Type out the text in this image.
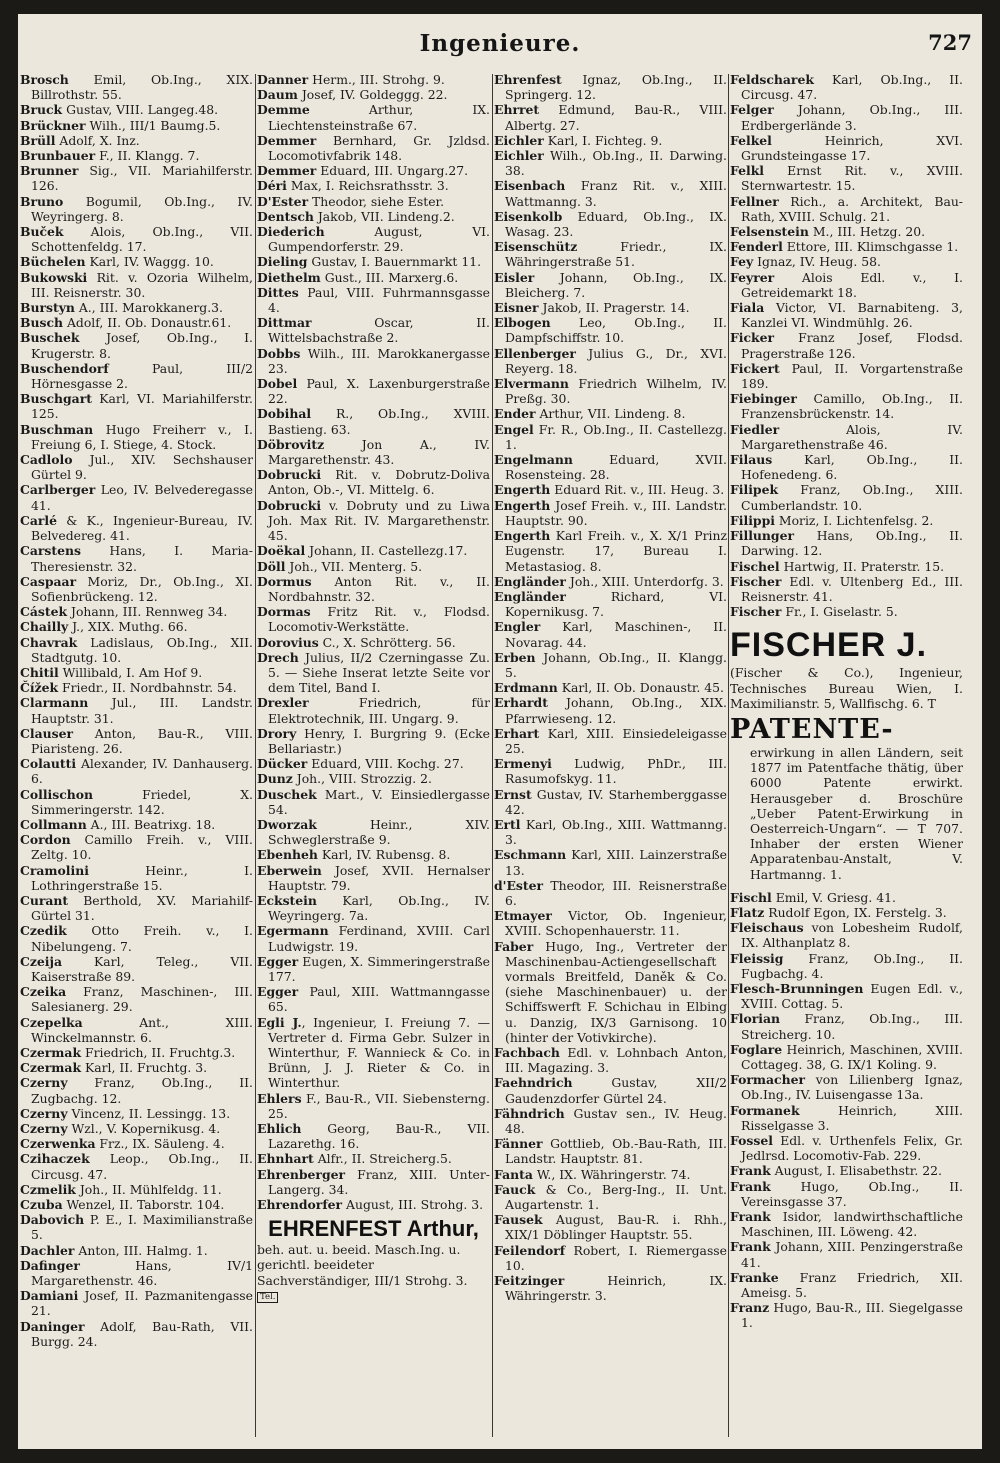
Ingenieure.	727

Brosch Emil, Ob.Ing., XIX. Billrothstr. 55.

Bruck Gustav, VIII. Langeg.48.

Brückner Wilh., III/1 Baumg.5.

Brüll Adolf, X. Inz.

Brunbauer F., II. Klangg. 7.

Brunner Sig., VII. Mariahilferstr. 126.

Bruno Bogumil, Ob.Ing., IV. Weyringerg. 8.

Buček Alois, Ob.Ing., VII. Schottenfeldg. 17.

Büchelen Karl, IV. Waggg. 10.

Bukowski Rit. v. Ozoria Wilhelm, III. Reisnerstr. 30.

Burstyn A., III. Marokkanerg.3.

Busch Adolf, II. Ob. Donaustr.61.

Buschek Josef, Ob.Ing., I. Krugerstr. 8.

Buschendorf Paul, III/2 Hörnesgasse 2.

Buschgart Karl, VI. Mariahilferstr. 125.

Buschman Hugo Freiherr v., I. Freiung 6, I. Stiege, 4. Stock.

Cadlolo Jul., XIV. Sechshauser Gürtel 9.

Carlberger Leo, IV. Belvederegasse 41.

Carlé & K., Ingenieur-Bureau, IV. Belvedereg. 41.

Carstens Hans, I. Maria-Theresienstr. 32.

Caspaar Moriz, Dr., Ob.Ing., XI. Sofienbrückeng. 12.

Cástek Johann, III. Rennweg 34.

Chailly J., XIX. Muthg. 66.

Chavrak Ladislaus, Ob.Ing., XII. Stadtgutg. 10.

Chitil Willibald, I. Am Hof 9.

Čížek Friedr., II. Nordbahnstr. 54.

Clarmann Jul., III. Landstr. Hauptstr. 31.

Clauser Anton, Bau-R., VIII. Piaristeng. 26.

Colautti Alexander, IV. Danhauserg. 6.

Collischon Friedel, X. Simmeringerstr. 142.

Collmann A., III. Beatrixg. 18.

Cordon Camillo Freih. v., VIII. Zeltg. 10.

Cramolini Heinr., I. Lothringerstraße 15.

Curant Berthold, XV. Mariahilf-Gürtel 31.

Czedik Otto Freih. v., I. Nibelungeng. 7.

Czeija Karl, Teleg., VII. Kaiserstraße 89.

Czeika Franz, Maschinen-, III. Salesianerg. 29.

Czepelka Ant., XIII. Winckelmannstr. 6.

Czermak Friedrich, II. Fruchtg.3.

Czermak Karl, II. Fruchtg. 3.

Czerny Franz, Ob.Ing., II. Zugbachg. 12.

Czerny Vincenz, II. Lessingg. 13.

Czerny Wzl., V. Kopernikusg. 4.

Czerwenka Frz., IX. Säuleng. 4.

Czihaczek Leop., Ob.Ing., II. Circusg. 47.

Czmelik Joh., II. Mühlfeldg. 11.

Czuba Wenzel, II. Taborstr. 104.

Dabovich P. E., I. Maximilianstraße 5.

Dachler Anton, III. Halmg. 1.

Dafinger Hans, IV/1 Margarethenstr. 46.

Damiani Josef, II. Pazmanitengasse 21.

Daninger Adolf, Bau-Rath, VII. Burgg. 24.

Danner Herm., III. Strohg. 9.

Daum Josef, IV. Goldeggg. 22.

Demme Arthur, IX. Liechtensteinstraße 67.

Demmer Bernhard, Gr. Jzldsd. Locomotivfabrik 148.

Demmer Eduard, III. Ungarg.27.

Déri Max, I. Reichsrathsstr. 3.

D'Ester Theodor, siehe Ester.

Dentsch Jakob, VII. Lindeng.2.

Diederich August, VI. Gumpendorferstr. 29.

Dieling Gustav, I. Bauernmarkt 11.

Diethelm Gust., III. Marxerg.6.

Dittes Paul, VIII. Fuhrmannsgasse 4.

Dittmar Oscar, II. Wittelsbachstraße 2.

Dobbs Wilh., III. Marokkanergasse 23.

Dobel Paul, X. Laxenburgerstraße 22.

Dobihal R., Ob.Ing., XVIII. Bastieng. 63.

Döbrovitz Jon A., IV. Margarethenstr. 43.

Dobrucki Rit. v. Dobrutz-Doliva Anton, Ob.-, VI. Mittelg. 6.

Dobrucki v. Dobruty und zu Liwa Joh. Max Rit. IV. Margarethenstr. 45.

Doëkal Johann, II. Castellezg.17.

Döll Joh., VII. Menterg. 5.

Dormus Anton Rit. v., II. Nordbahnstr. 32.

Dormas Fritz Rit. v., Flodsd. Locomotiv-Werkstätte.

Dorovius C., X. Schrötterg. 56.

Drech Julius, II/2 Czerningasse Zu. 5. — Siehe Inserat letzte Seite vor dem Titel, Band I.

Drexler Friedrich, für Elektrotechnik, III. Ungarg. 9.

Drory Henry, I. Burgring 9. (Ecke Bellariastr.)

Dücker Eduard, VIII. Kochg. 27.

Dunz Joh., VIII. Strozzig. 2.

Duschek Mart., V. Einsiedlergasse 54.

Dworzak Heinr., XIV. Schweglerstraße 9.

Ebenheh Karl, IV. Rubensg. 8.

Eberwein Josef, XVII. Hernalser Hauptstr. 79.

Eckstein Karl, Ob.Ing., IV. Weyringerg. 7a.

Egermann Ferdinand, XVIII. Carl Ludwigstr. 19.

Egger Eugen, X. Simmeringerstraße 177.

Egger Paul, XIII. Wattmanngasse 65.

Egli J., Ingenieur, I. Freiung 7. — Vertreter d. Firma Gebr. Sulzer in Winterthur, F. Wannieck & Co. in Brünn, J. J. Rieter & Co. in Winterthur.

Ehlers F., Bau-R., VII. Siebensterng. 25.

Ehlich Georg, Bau-R., VII. Lazarethg. 16.

Ehnhart Alfr., II. Streicherg.5.

Ehrenberger Franz, XIII. Unter-Langerg. 34.

Ehrendorfer August, III. Strohg. 3.

EHRENFEST Arthur,
beh. aut. u. beeid. Masch.Ing. u. gerichtl. beeideter Sachverständiger, III/1 Strohg. 3. Tel.

Ehrenfest Ignaz, Ob.Ing., II. Springerg. 12.

Ehrret Edmund, Bau-R., VIII. Albertg. 27.

Eichler Karl, I. Fichteg. 9.

Eichler Wilh., Ob.Ing., II. Darwing. 38.

Eisenbach Franz Rit. v., XIII. Wattmanng. 3.

Eisenkolb Eduard, Ob.Ing., IX. Wasag. 23.

Eisenschütz Friedr., IX. Währingerstraße 51.

Eisler Johann, Ob.Ing., IX. Bleicherg. 7.

Eisner Jakob, II. Pragerstr. 14.

Elbogen Leo, Ob.Ing., II. Dampfschiffstr. 10.

Ellenberger Julius G., Dr., XVI. Reyerg. 18.

Elvermann Friedrich Wilhelm, IV. Preßg. 30.

Ender Arthur, VII. Lindeng. 8.

Engel Fr. R., Ob.Ing., II. Castellezg. 1.

Engelmann Eduard, XVII. Rosensteing. 28.

Engerth Eduard Rit. v., III. Heug. 3.

Engerth Josef Freih. v., III. Landstr. Hauptstr. 90.

Engerth Karl Freih. v., X. X/1 Prinz Eugenstr. 17, Bureau I. Metastasiog. 8.

Engländer Joh., XIII. Unterdorfg. 3.

Engländer Richard, VI. Kopernikusg. 7.

Engler Karl, Maschinen-, II. Novarag. 44.

Erben Johann, Ob.Ing., II. Klangg. 5.

Erdmann Karl, II. Ob. Donaustr. 45.

Erhardt Johann, Ob.Ing., XIX. Pfarrwieseng. 12.

Erhart Karl, XIII. Einsiedeleigasse 25.

Ermenyi Ludwig, PhDr., III. Rasumofskyg. 11.

Ernst Gustav, IV. Starhemberggasse 42.

Ertl Karl, Ob.Ing., XIII. Wattmanng. 3.

Eschmann Karl, XIII. Lainzerstraße 13.

d'Ester Theodor, III. Reisnerstraße 6.

Etmayer Victor, Ob. Ingenieur, XVIII. Schopenhauerstr. 11.

Faber Hugo, Ing., Vertreter der Maschinenbau-Actiengesellschaft vormals Breitfeld, Daněk & Co. (siehe Maschinenbauer) u. der Schiffswerft F. Schichau in Elbing u. Danzig, IX/3 Garnisong. 10 (hinter der Votivkirche).

Fachbach Edl. v. Lohnbach Anton, III. Magazing. 3.

Faehndrich Gustav, XII/2 Gaudenzdorfer Gürtel 24.

Fähndrich Gustav sen., IV. Heug. 48.

Fänner Gottlieb, Ob.-Bau-Rath, III. Landstr. Hauptstr. 81.

Fanta W., IX. Währingerstr. 74.

Fauck & Co., Berg-Ing., II. Unt. Augartenstr. 1.

Fausek August, Bau-R. i. Rhh., XIX/1 Döblinger Hauptstr. 55.

Feilendorf Robert, I. Riemergasse 10.

Feitzinger Heinrich, IX. Währingerstr. 3.

Feldscharek Karl, Ob.Ing., II. Circusg. 47.

Felger Johann, Ob.Ing., III. Erdbergerlände 3.

Felkel Heinrich, XVI. Grundsteingasse 17.

Felkl Ernst Rit. v., XVIII. Sternwartestr. 15.

Fellner Rich., a. Architekt, Bau-Rath, XVIII. Schulg. 21.

Felsenstein M., III. Hetzg. 20.

Fenderl Ettore, III. Klimschgasse 1.

Fey Ignaz, IV. Heug. 58.

Feyrer Alois Edl. v., I. Getreidemarkt 18.

Fiala Victor, VI. Barnabiteng. 3, Kanzlei VI. Windmühlg. 26.

Ficker Franz Josef, Flodsd. Pragerstraße 126.

Fickert Paul, II. Vorgartenstraße 189.

Fiebinger Camillo, Ob.Ing., II. Franzensbrückenstr. 14.

Fiedler Alois, IV. Margarethenstraße 46.

Filaus Karl, Ob.Ing., II. Hofenedeng. 6.

Filipek Franz, Ob.Ing., XIII. Cumberlandstr. 10.

Filippi Moriz, I. Lichtenfelsg. 2.

Fillunger Hans, Ob.Ing., II. Darwing. 12.

Fischel Hartwig, II. Praterstr. 15.

Fischer Edl. v. Ultenberg Ed., III. Reisnerstr. 41.

Fischer Fr., I. Giselastr. 5.

FISCHER J.
(Fischer & Co.), Ingenieur, Technisches Bureau Wien, I. Maximilianstr. 5, Wallfischg. 6. T
PATENTE-
erwirkung in allen Ländern, seit 1877 im Patentfache thätig, über 6000 Patente erwirkt. Herausgeber d. Broschüre „Ueber Patent-Erwirkung in Oesterreich-Ungarn“. — T 707. Inhaber der ersten Wiener Apparatenbau-Anstalt, V. Hartmanng. 1.

Fischl Emil, V. Griesg. 41.

Flatz Rudolf Egon, IX. Ferstelg. 3.

Fleischaus von Lobesheim Rudolf, IX. Althanplatz 8.

Fleissig Franz, Ob.Ing., II. Fugbachg. 4.

Flesch-Brunningen Eugen Edl. v., XVIII. Cottag. 5.

Florian Franz, Ob.Ing., III. Streicherg. 10.

Foglare Heinrich, Maschinen, XVIII. Cottageg. 38, G. IX/1 Koling. 9.

Formacher von Lilienberg Ignaz, Ob.Ing., IV. Luisengasse 13a.

Formanek Heinrich, XIII. Risselgasse 3.

Fossel Edl. v. Urthenfels Felix, Gr. Jedlrsd. Locomotiv-Fab. 229.

Frank August, I. Elisabethstr. 22.

Frank Hugo, Ob.Ing., II. Vereinsgasse 37.

Frank Isidor, landwirthschaftliche Maschinen, III. Löweng. 42.

Frank Johann, XIII. Penzingerstraße 41.

Franke Franz Friedrich, XII. Ameisg. 5.

Franz Hugo, Bau-R., III. Siegelgasse 1.
